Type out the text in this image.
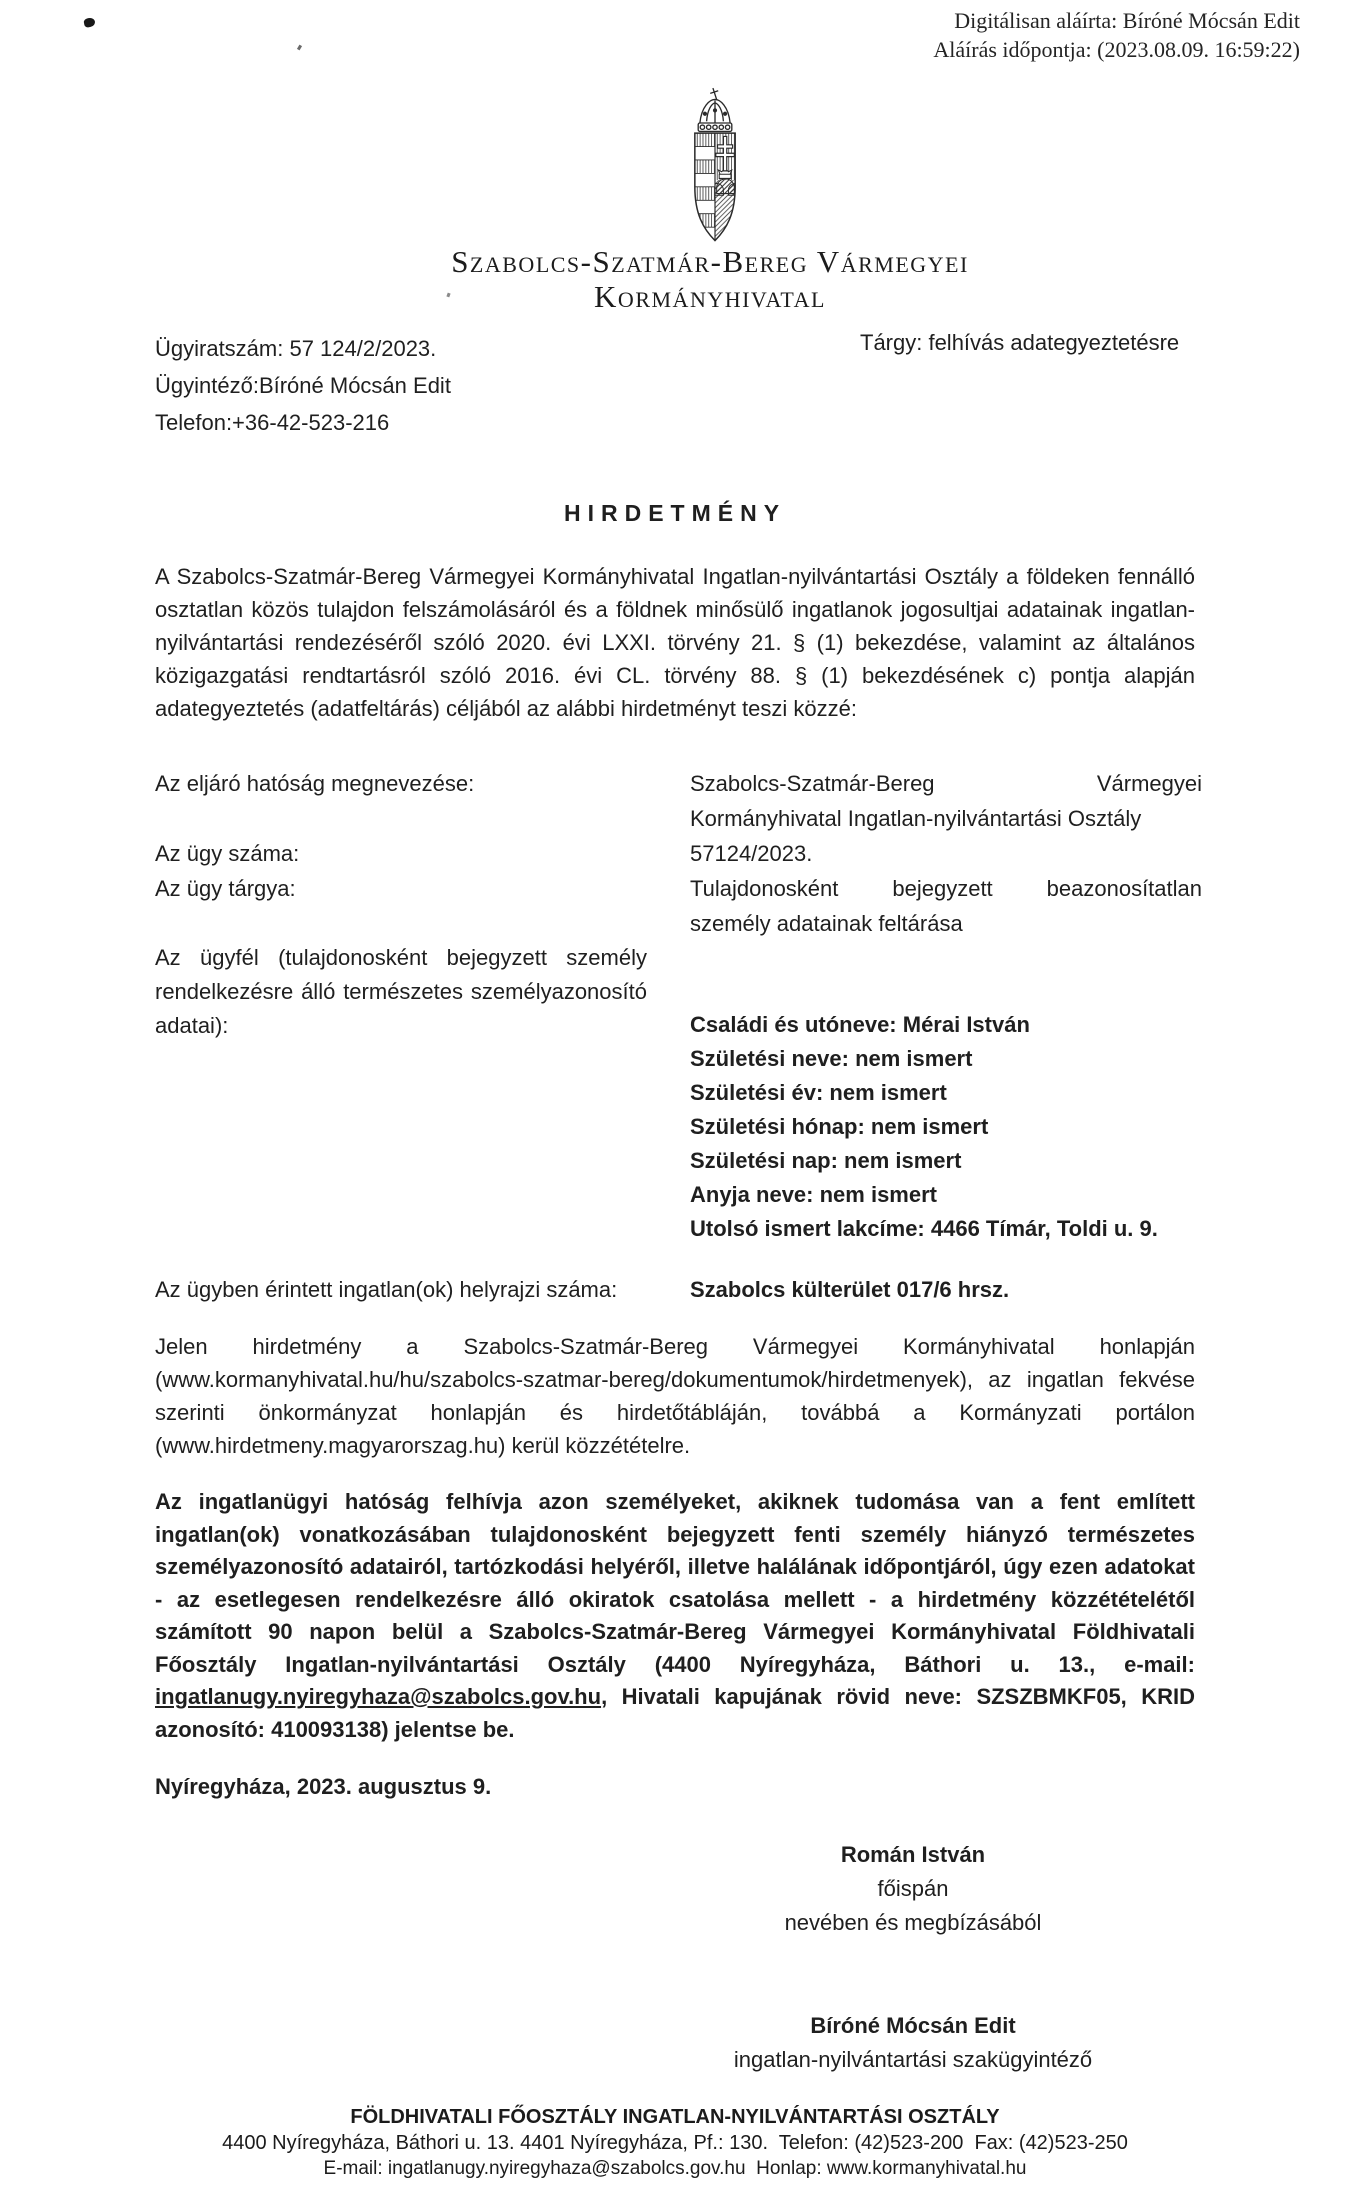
Digitálisan aláírta: Bíróné Mócsán Edit
Aláírás időpontja: (2023.08.09. 16:59:22)
Szabolcs-Szatmár-Bereg Vármegyei
Kormányhivatal
Ügyiratszám: 57 124/2/2023.
Ügyintéző:Bíróné Mócsán Edit
Telefon:+36-42-523-216
Tárgy: felhívás adategyeztetésre
HIRDETMÉNY
A Szabolcs-Szatmár-Bereg Vármegyei Kormányhivatal Ingatlan-nyilvántartási Osztály a földeken fennálló osztatlan közös tulajdon felszámolásáról és a földnek minősülő ingatlanok jogosultjai adatainak ingatlan-nyilvántartási rendezéséről szóló 2020. évi LXXI. törvény 21. § (1) bekezdése, valamint az általános közigazgatási rendtartásról szóló 2016. évi CL. törvény 88. § (1) bekezdésének c) pontja alapján adategyeztetés (adatfeltárás) céljából az alábbi hirdetményt teszi közzé:
Az eljáró hatóság megnevezése:	Szabolcs-Szatmár-Bereg Vármegyei
Kormányhivatal Ingatlan-nyilvántartási Osztály
Az ügy száma:	57124/2023.
Az ügy tárgya:	Tulajdonosként bejegyzett beazonosítatlan
személy adatainak feltárása
Az ügyfél (tulajdonosként bejegyzett személy
rendelkezésre álló természetes személyazonosító
adatai):	Családi és utóneve: Mérai István
Születési neve: nem ismert
Születési év: nem ismert
Születési hónap: nem ismert
Születési nap: nem ismert
Anyja neve: nem ismert
Utolsó ismert lakcíme: 4466 Tímár, Toldi u. 9.
Az ügyben érintett ingatlan(ok) helyrajzi száma:	Szabolcs külterület 017/6 hrsz.
Jelen hirdetmény a Szabolcs-Szatmár-Bereg Vármegyei Kormányhivatal honlapján (www.kormanyhivatal.hu/hu/szabolcs-szatmar-bereg/dokumentumok/hirdetmenyek), az ingatlan fekvése szerinti önkormányzat honlapján és hirdetőtábláján, továbbá a Kormányzati portálon (www.hirdetmeny.magyarorszag.hu) kerül közzétételre.
Az ingatlanügyi hatóság felhívja azon személyeket, akiknek tudomása van a fent említett ingatlan(ok) vonatkozásában tulajdonosként bejegyzett fenti személy hiányzó természetes személyazonosító adatairól, tartózkodási helyéről, illetve halálának időpontjáról, úgy ezen adatokat - az esetlegesen rendelkezésre álló okiratok csatolása mellett - a hirdetmény közzétételétől számított 90 napon belül a Szabolcs-Szatmár-Bereg Vármegyei Kormányhivatal Földhivatali Főosztály Ingatlan-nyilvántartási Osztály (4400 Nyíregyháza, Báthori u. 13., e-mail: ingatlanugy.nyiregyhaza@szabolcs.gov.hu, Hivatali kapujának rövid neve: SZSZBMKF05, KRID azonosító: 410093138) jelentse be.
Nyíregyháza, 2023. augusztus 9.
Román István
főispán
nevében és megbízásából
Bíróné Mócsán Edit
ingatlan-nyilvántartási szakügyintéző
FÖLDHIVATALI FŐOSZTÁLY INGATLAN-NYILVÁNTARTÁSI OSZTÁLY
4400 Nyíregyháza, Báthori u. 13. 4401 Nyíregyháza, Pf.: 130.  Telefon: (42)523-200  Fax: (42)523-250
E-mail: ingatlanugy.nyiregyhaza@szabolcs.gov.hu  Honlap: www.kormanyhivatal.hu
